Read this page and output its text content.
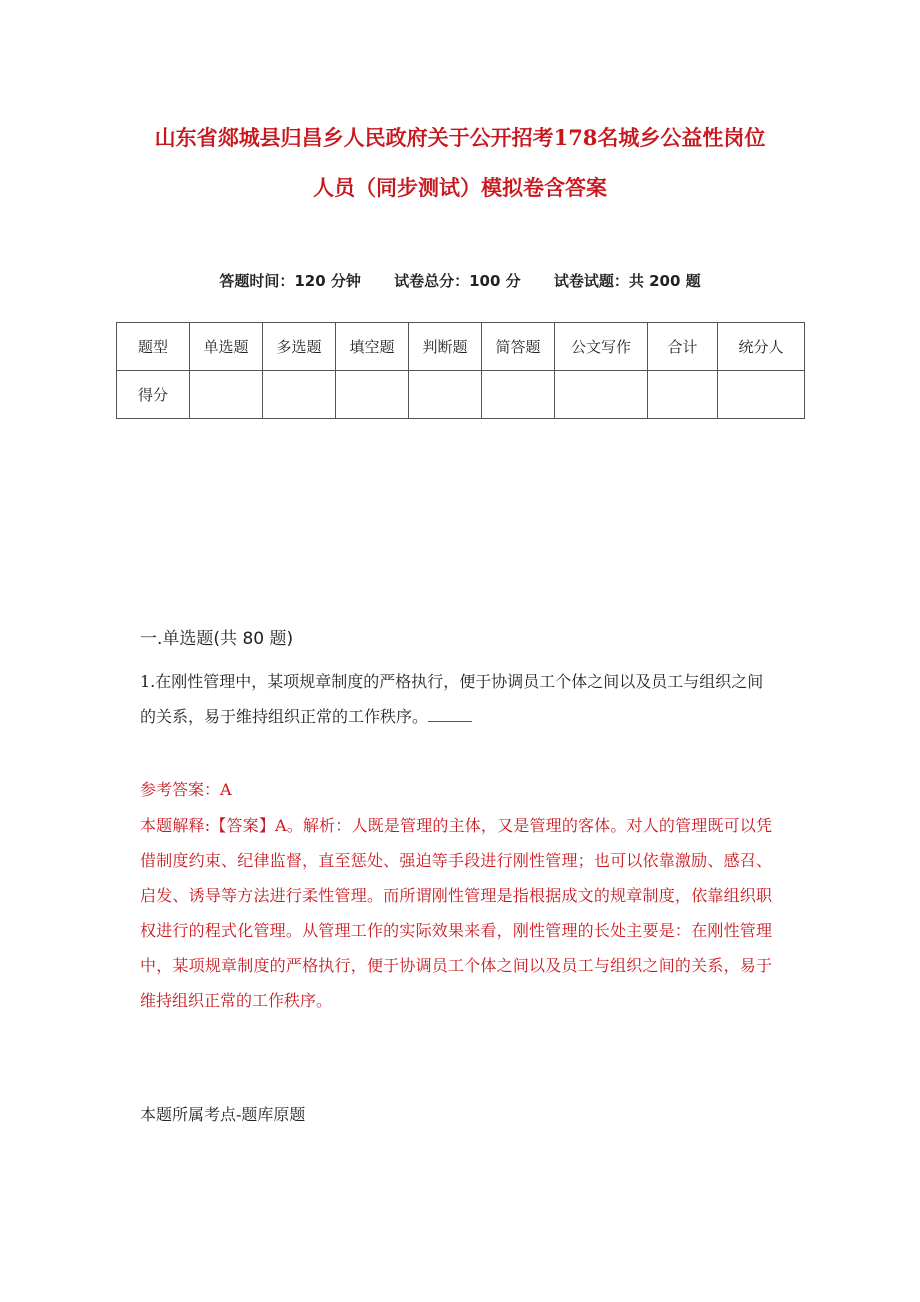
山东省郯城县归昌乡人民政府关于公开招考178名城乡公益性岗位
人员（同步测试）模拟卷含答案
答题时间：120 分钟 试卷总分：100 分 试卷试题：共 200 题
题型	单选题	多选题	填空题	判断题	简答题	公文写作	合计	统分人
得分								
一.单选题(共 80 题)

1.在刚性管理中，某项规章制度的严格执行，便于协调员工个体之间以及员工与组织之间的关系，易于维持组织正常的工作秩序。

参考答案：A

本题解释:【答案】A。解析：人既是管理的主体，又是管理的客体。对人的管理既可以凭借制度约束、纪律监督，直至惩处、强迫等手段进行刚性管理；也可以依靠激励、感召、启发、诱导等方法进行柔性管理。而所谓刚性管理是指根据成文的规章制度，依靠组织职权进行的程式化管理。从管理工作的实际效果来看，刚性管理的长处主要是：在刚性管理中，某项规章制度的严格执行，便于协调员工个体之间以及员工与组织之间的关系，易于维持组织正常的工作秩序。

本题所属考点-题库原题
